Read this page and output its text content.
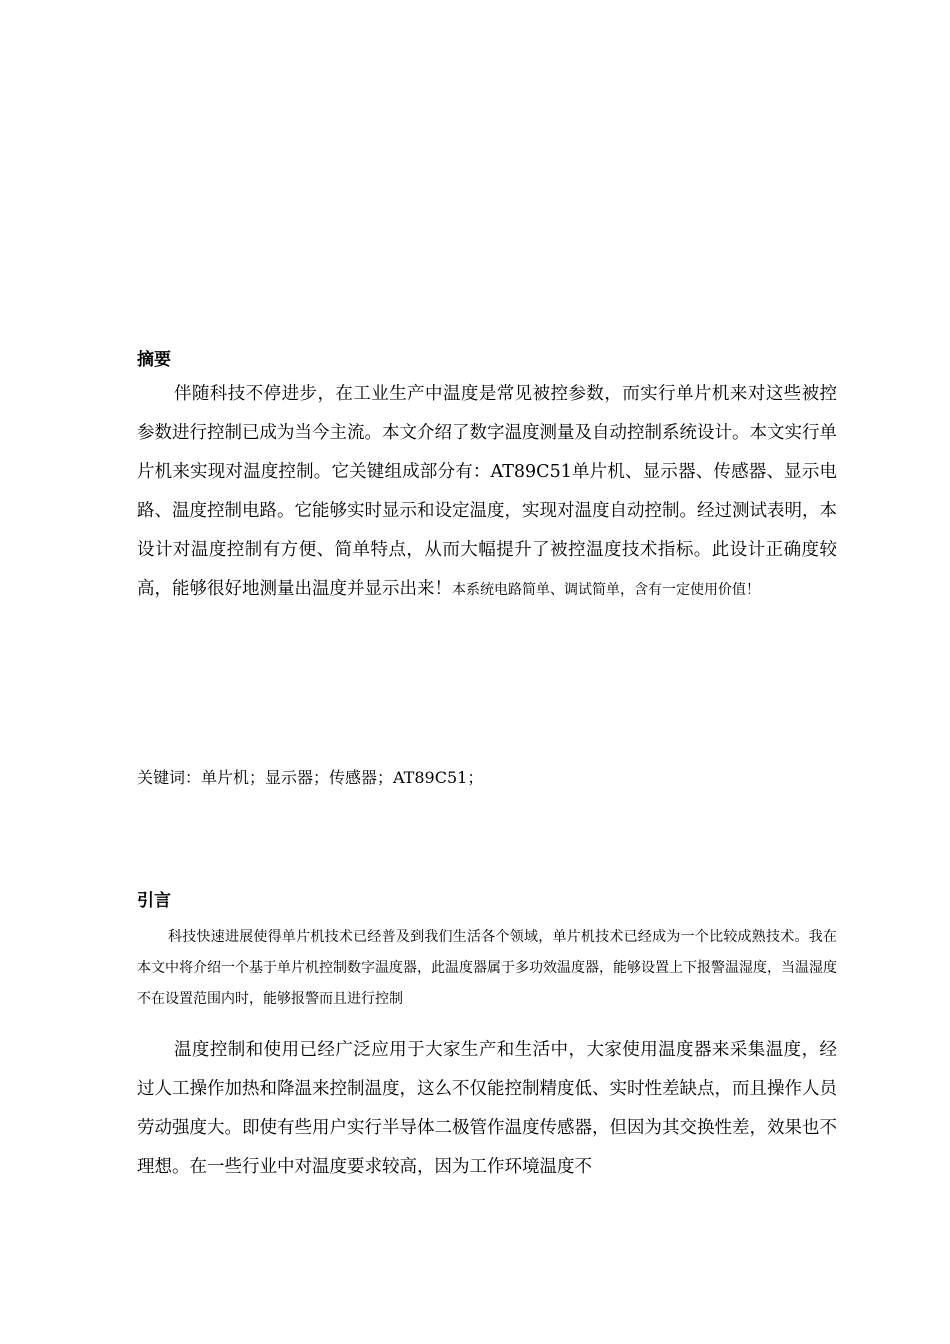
摘要

伴随科技不停进步，在工业生产中温度是常见被控参数，而实行单片机来对这些被控参数进行控制已成为当今主流。本文介绍了数字温度测量及自动控制系统设计。本文实行单片机来实现对温度控制。它关键组成部分有：AT89C51单片机、显示器、传感器、显示电路、温度控制电路。它能够实时显示和设定温度，实现对温度自动控制。经过测试表明，本设计对温度控制有方便、简单特点，从而大幅提升了被控温度技术指标。此设计正确度较高，能够很好地测量出温度并显示出来！本系统电路简单、调试简单，含有一定使用价值！

关键词：单片机；显示器；传感器；AT89C51；

引言

科技快速进展使得单片机技术已经普及到我们生活各个领域，单片机技术已经成为一个比较成熟技术。我在本文中将介绍一个基于单片机控制数字温度器，此温度器属于多功效温度器，能够设置上下报警温湿度，当温湿度不在设置范围内时，能够报警而且进行控制

温度控制和使用已经广泛应用于大家生产和生活中，大家使用温度器来采集温度，经过人工操作加热和降温来控制温度，这么不仅能控制精度低、实时性差缺点，而且操作人员劳动强度大。即使有些用户实行半导体二极管作温度传感器，但因为其交换性差，效果也不理想。在一些行业中对温度要求较高，因为工作环境温度不
